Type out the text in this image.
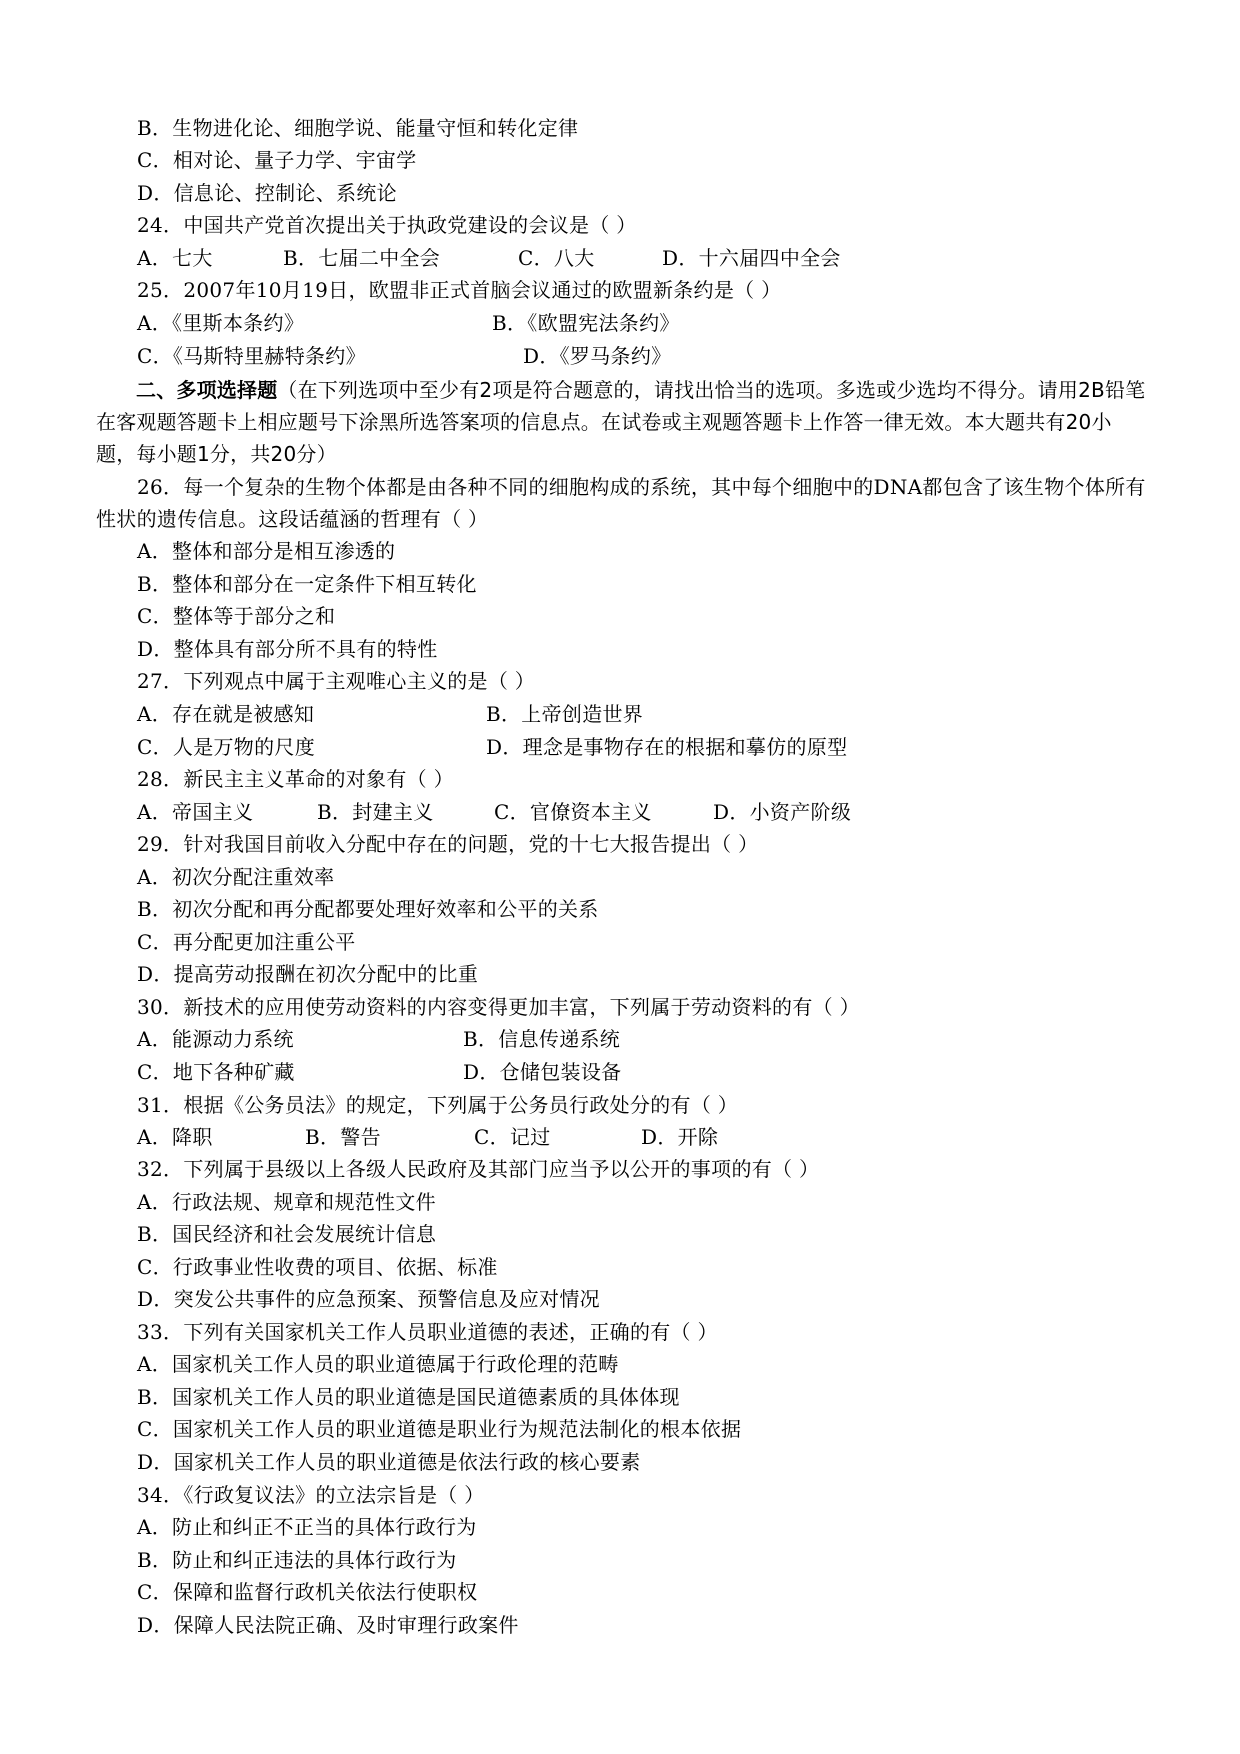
B．生物进化论、细胞学说、能量守恒和转化定律
C．相对论、量子力学、宇宙学
D．信息论、控制论、系统论
24．中国共产党首次提出关于执政党建设的会议是（ ）
A．七大	B．七届二中全会	C．八大	D．十六届四中全会
25．2007年10月19日，欧盟非正式首脑会议通过的欧盟新条约是（ ）
A．《里斯本条约》	B．《欧盟宪法条约》
C．《马斯特里赫特条约》	D．《罗马条约》
二、多项选择题（在下列选项中至少有2项是符合题意的，请找出恰当的选项。多选或少选均不得分。请用2B铅笔在客观题答题卡上相应题号下涂黑所选答案项的信息点。在试卷或主观题答题卡上作答一律无效。本大题共有20小题，每小题1分，共20分）
26．每一个复杂的生物个体都是由各种不同的细胞构成的系统，其中每个细胞中的DNA都包含了该生物个体所有性状的遗传信息。这段话蕴涵的哲理有（ ）
A．整体和部分是相互渗透的
B．整体和部分在一定条件下相互转化
C．整体等于部分之和
D．整体具有部分所不具有的特性
27．下列观点中属于主观唯心主义的是（ ）
A．存在就是被感知	B．上帝创造世界
C．人是万物的尺度	D．理念是事物存在的根据和摹仿的原型
28．新民主主义革命的对象有（ ）
A．帝国主义	B．封建主义	C．官僚资本主义	D．小资产阶级
29．针对我国目前收入分配中存在的问题，党的十七大报告提出（ ）
A．初次分配注重效率
B．初次分配和再分配都要处理好效率和公平的关系
C．再分配更加注重公平
D．提高劳动报酬在初次分配中的比重
30．新技术的应用使劳动资料的内容变得更加丰富，下列属于劳动资料的有（ ）
A．能源动力系统	B．信息传递系统
C．地下各种矿藏	D．仓储包装设备
31．根据《公务员法》的规定，下列属于公务员行政处分的有（ ）
A．降职	B．警告	C．记过	D．开除
32．下列属于县级以上各级人民政府及其部门应当予以公开的事项的有（ ）
A．行政法规、规章和规范性文件
B．国民经济和社会发展统计信息
C．行政事业性收费的项目、依据、标准
D．突发公共事件的应急预案、预警信息及应对情况
33．下列有关国家机关工作人员职业道德的表述，正确的有（ ）
A．国家机关工作人员的职业道德属于行政伦理的范畴
B．国家机关工作人员的职业道德是国民道德素质的具体体现
C．国家机关工作人员的职业道德是职业行为规范法制化的根本依据
D．国家机关工作人员的职业道德是依法行政的核心要素
34．《行政复议法》的立法宗旨是（ ）
A．防止和纠正不正当的具体行政行为
B．防止和纠正违法的具体行政行为
C．保障和监督行政机关依法行使职权
D．保障人民法院正确、及时审理行政案件
